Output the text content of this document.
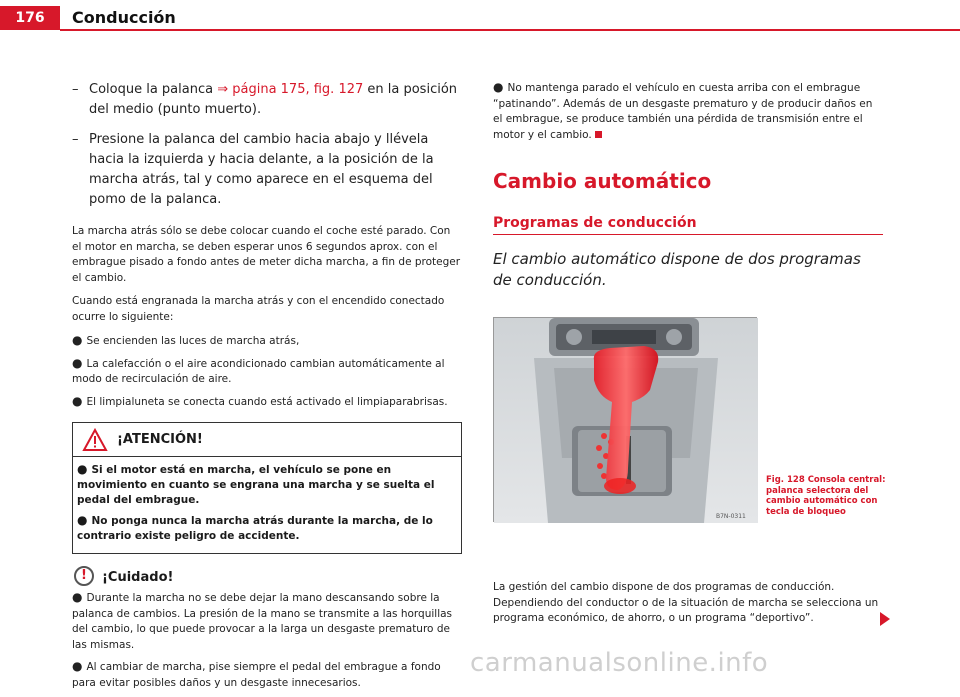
176	Conducción
– Coloque la palanca ⇒ página 175, fig. 127 en la posición del medio (punto muerto).
– Presione la palanca del cambio hacia abajo y llévela hacia la izquierda y hacia delante, a la posición de la marcha atrás, tal y como aparece en el esquema del pomo de la palanca.

La marcha atrás sólo se debe colocar cuando el coche esté parado. Con el motor en marcha, se deben esperar unos 6 segundos aprox. con el embrague pisado a fondo antes de meter dicha marcha, a fin de proteger el cambio.

Cuando está engranada la marcha atrás y con el encendido conectado ocurre lo siguiente:

● Se encienden las luces de marcha atrás,
● La calefacción o el aire acondicionado cambian automáticamente al modo de recirculación de aire.
● El limpialuneta se conecta cuando está activado el limpiaparabrisas.
¡ATENCIÓN!
● Si el motor está en marcha, el vehículo se pone en movimiento en cuanto se engrana una marcha y se suelta el pedal del embrague.
● No ponga nunca la marcha atrás durante la marcha, de lo contrario existe peligro de accidente.
!	¡Cuidado!
● Durante la marcha no se debe dejar la mano descansando sobre la palanca de cambios. La presión de la mano se transmite a las horquillas del cambio, lo que puede provocar a la larga un desgaste prematuro de las mismas.
● Al cambiar de marcha, pise siempre el pedal del embrague a fondo para evitar posibles daños y un desgaste innecesarios.
● No mantenga parado el vehículo en cuesta arriba con el embrague “patinando”. Además de un desgaste prematuro y de producir daños en el embrague, se produce también una pérdida de transmisión entre el motor y el cambio.
Cambio automático
Programas de conducción

El cambio automático dispone de dos programas de conducción.

B7N-0311
Fig. 128 Consola central: palanca selectora del cambio automático con tecla de bloqueo

La gestión del cambio dispone de dos programas de conducción. Dependiendo del conductor o de la situación de marcha se selecciona un programa económico, de ahorro, o un programa “deportivo”.

carmanualsonline.info
